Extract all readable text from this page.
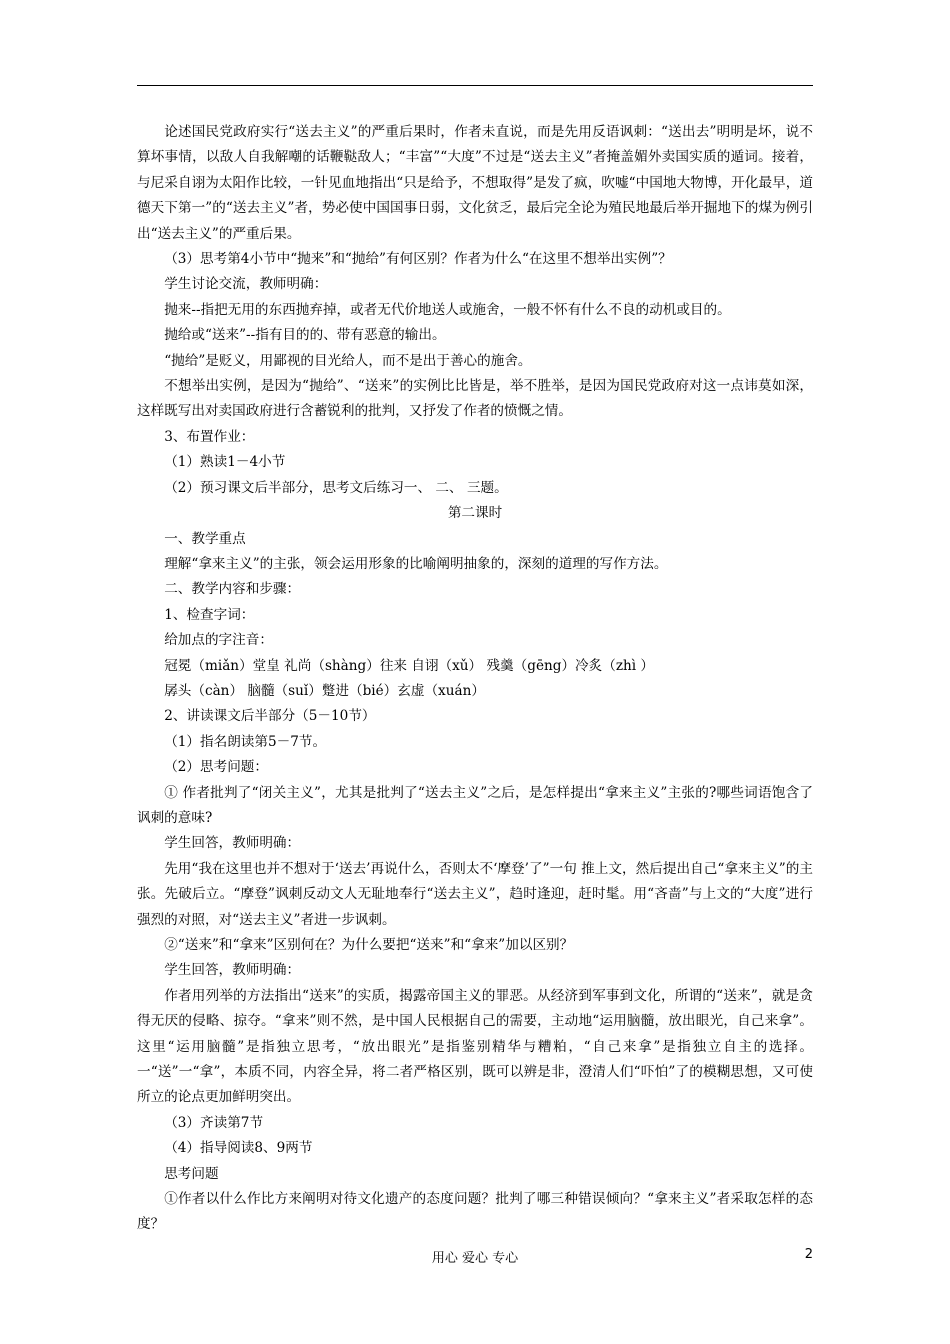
论述国民党政府实行“送去主义”的严重后果时，作者未直说，而是先用反语讽刺：“送出去”明明是坏，说不算坏事情，以敌人自我解嘲的话鞭鞑敌人；“丰富”“大度”不过是“送去主义”者掩盖媚外卖国实质的遁词。接着，与尼采自诩为太阳作比较，一针见血地指出“只是给予，不想取得”是发了疯，吹嘘“中国地大物博，开化最早，道德天下第一”的“送去主义”者，势必使中国国事日弱，文化贫乏，最后完全论为殖民地最后举开掘地下的煤为例引出“送去主义”的严重后果。

（3）思考第4小节中“抛来”和“抛给”有何区别？作者为什么“在这里不想举出实例”？

学生讨论交流，教师明确：

抛来--指把无用的东西抛弃掉，或者无代价地送人或施舍，一般不怀有什么不良的动机或目的。

抛给或“送来”--指有目的的、带有恶意的输出。

“抛给”是贬义，用鄙视的目光给人，而不是出于善心的施舍。

不想举出实例，是因为“抛给”、“送来”的实例比比皆是，举不胜举，是因为国民党政府对这一点讳莫如深，这样既写出对卖国政府进行含蓄锐利的批判，又抒发了作者的愤慨之情。

3、布置作业：

（1）熟读1－4小节

（2）预习课文后半部分，思考文后练习一、 二、 三题。

第二课时

一、教学重点

理解“拿来主义”的主张，领会运用形象的比喻阐明抽象的，深刻的道理的写作方法。

二、教学内容和步骤：

1、检查字词：

给加点的字注音：

冠冕（miǎn）堂皇 礼尚（shàng）往来 自诩（xǔ） 残羹（gēng）冷炙（zhì ）

孱头（càn） 脑髓（suǐ）蹩进（bié）玄虚（xuán）

2、讲读课文后半部分（5－10节）

（1）指名朗读第5－7节。

（2）思考问题：

① 作者批判了“闭关主义”，尤其是批判了“送去主义”之后，是怎样提出“拿来主义”主张的?哪些词语饱含了讽刺的意味?

学生回答，教师明确：

先用“我在这里也并不想对于‘送去’再说什么，否则太不‘摩登’了”一句 推上文，然后提出自己“拿来主义”的主张。先破后立。“摩登”讽刺反动文人无耻地奉行“送去主义”，趋时逢迎，赶时髦。用“吝啬”与上文的“大度”进行强烈的对照，对“送去主义”者进一步讽刺。

②“送来”和“拿来”区别何在？为什么要把“送来”和“拿来”加以区别？

学生回答，教师明确：

作者用列举的方法指出“送来”的实质，揭露帝国主义的罪恶。从经济到军事到文化，所谓的“送来”，就是贪得无厌的侵略、掠夺。“拿来”则不然，是中国人民根据自己的需要，主动地“运用脑髓，放出眼光，自己来拿”。这里“运用脑髓”是指独立思考，“放出眼光”是指鉴别精华与糟粕，“自己来拿”是指独立自主的选择。一“送”一“拿”，本质不同，内容全异，将二者严格区别，既可以辨是非，澄清人们“吓怕”了的模糊思想，又可使所立的论点更加鲜明突出。

（3）齐读第7节

（4）指导阅读8、9两节

思考问题

①作者以什么作比方来阐明对待文化遗产的态度问题？批判了哪三种错误倾向？“拿来主义”者采取怎样的态度？

用心 爱心 专心	2
